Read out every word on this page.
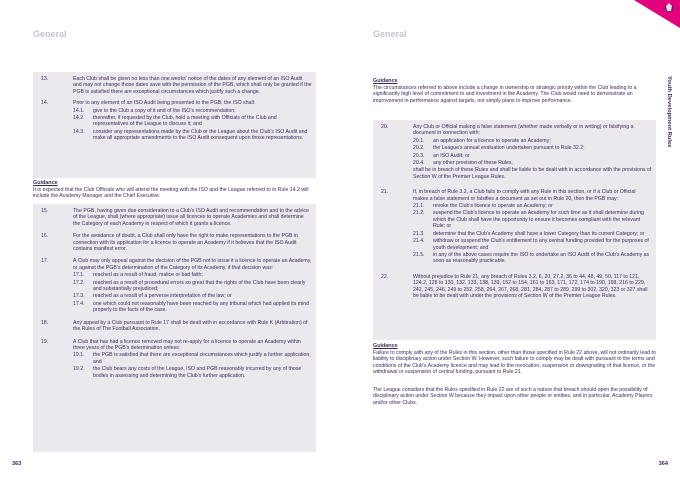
General
13.	Each Club shall be given no less than one weeks' notice of the dates of any element of an ISO Audit and may not change those dates save with the permission of the PGB, which shall only be granted if the PGB is satisfied there are exceptional circumstances which justify such a change.
14.	Prior to any element of an ISO Audit being presented to the PGB, the ISO shall:
14.1.	give to the Club a copy of it and of the ISO's recommendation;
14.2.	thereafter, if requested by the Club, hold a meeting with Officials of the Club and representatives of the League to discuss it; and
14.3.	consider any representations made by the Club or the League about the Club's ISO Audit and make all appropriate amendments to the ISO Audit consequent upon those representations.
Guidance
It is expected that the Club Officials who will attend the meeting with the ISO and the League referred to in Rule 14.2 will include the Academy Manager and the Chief Executive.
15.	The PGB, having given due consideration to a Club's ISO Audit and recommendation and to the advice of the League, shall (where appropriate) issue all licences to operate Academies and shall determine the Category of each Academy in respect of which it grants a licence.
16.	For the avoidance of doubt, a Club shall only have the right to make representations to the PGB in connection with its application for a licence to operate an Academy if it believes that the ISO Audit contains manifest error.
17.	A Club may only appeal against the decision of the PGB not to issue it a licence to operate an Academy, or against the PGB's determination of the Category of its Academy, if that decision was:
17.1.	reached as a result of fraud, malice or bad faith;
17.2.	reached as a result of procedural errors so great that the rights of the Club have been clearly and substantially prejudiced;
17.3.	reached as a result of a perverse interpretation of the law; or
17.4.	one which could not reasonably have been reached by any tribunal which had applied its mind properly to the facts of the case.
18.	Any appeal by a Club pursuant to Rule 17 shall be dealt with in accordance with Rule K (Arbitration) of the Rules of The Football Association.
19.	A Club that has had a licence removed may not re-apply for a licence to operate an Academy within three years of the PGB's determination unless:
19.1.	the PGB is satisfied that there are exceptional circumstances which justify a further application; and
19.2.	the Club bears any costs of the League, ISO and PGB reasonably incurred by any of those bodies in assessing and determining the Club's further application.
363
General
Guidance
The circumstances referred to above include a change in ownership or strategic priority within the Club leading to a significantly high level of commitment to and investment in the Academy. The Club would need to demonstrate an improvement in performance against targets, not simply plans to improve performance.
20.	Any Club or Official making a false statement (whether made verbally or in writing) or falsifying a document in connection with:
20.1.	an application for a licence to operate an Academy;
20.2.	the League's annual evaluation undertaken pursuant to Rule 32.2;
20.3.	an ISO Audit; or
20.4.	any other provision of these Rules,
shall be in breach of these Rules and shall be liable to be dealt with in accordance with the provisions of Section W of the Premier League Rules.
21.	If, in breach of Rule 3.2, a Club fails to comply with any Rule in this section, or if a Club or Official makes a false statement or falsifies a document as set out in Rule 20, then the PGB may:
21.1.	revoke the Club's licence to operate an Academy; or
21.2.	suspend the Club's licence to operate an Academy for such time as it shall determine during which the Club shall have the opportunity to ensure it becomes compliant with the relevant Rule; or
21.3.	determine that the Club's Academy shall have a lower Category than its current Category; or
21.4.	withdraw or suspend the Club's entitlement to any central funding provided for the purposes of youth development; and
21.5.	in any of the above cases require the ISO to undertake an ISO Audit of the Club's Academy as soon as reasonably practicable.
22.	Without prejudice to Rule 21, any breach of Rules 3.2, 6, 20, 27.2, 36 to 44, 48, 49, 50, 117 to 121, 124.2, 128 to 130, 132, 133, 138, 139, 152 to 154, 161 to 163, 171, 172, 174 to 190, 198, 216 to 229, 242, 245, 246, 249 to 252, 258, 264, 267, 268, 281, 284, 287 to 289, 299 to 302, 320, 323 or 327 shall be liable to be dealt with under the provisions of Section W of the Premier League Rules.
Guidance
Failure to comply with any of the Rules in this section, other than those specified in Rule 22 above, will not ordinarily lead to liability to disciplinary action under Section W. However, such failure to comply may be dealt with pursuant to the terms and conditions of the Club's Academy licence and may lead to the revocation, suspension or downgrading of that licence, or the withdrawal or suspension of central funding, pursuant to Rule 21.
The League considers that the Rules specified in Rule 22 are of such a nature that breach should open the possibility of disciplinary action under Section W because they impact upon other people or entities, and in particular, Academy Players and/or other Clubs.
Youth Development Rules
364
